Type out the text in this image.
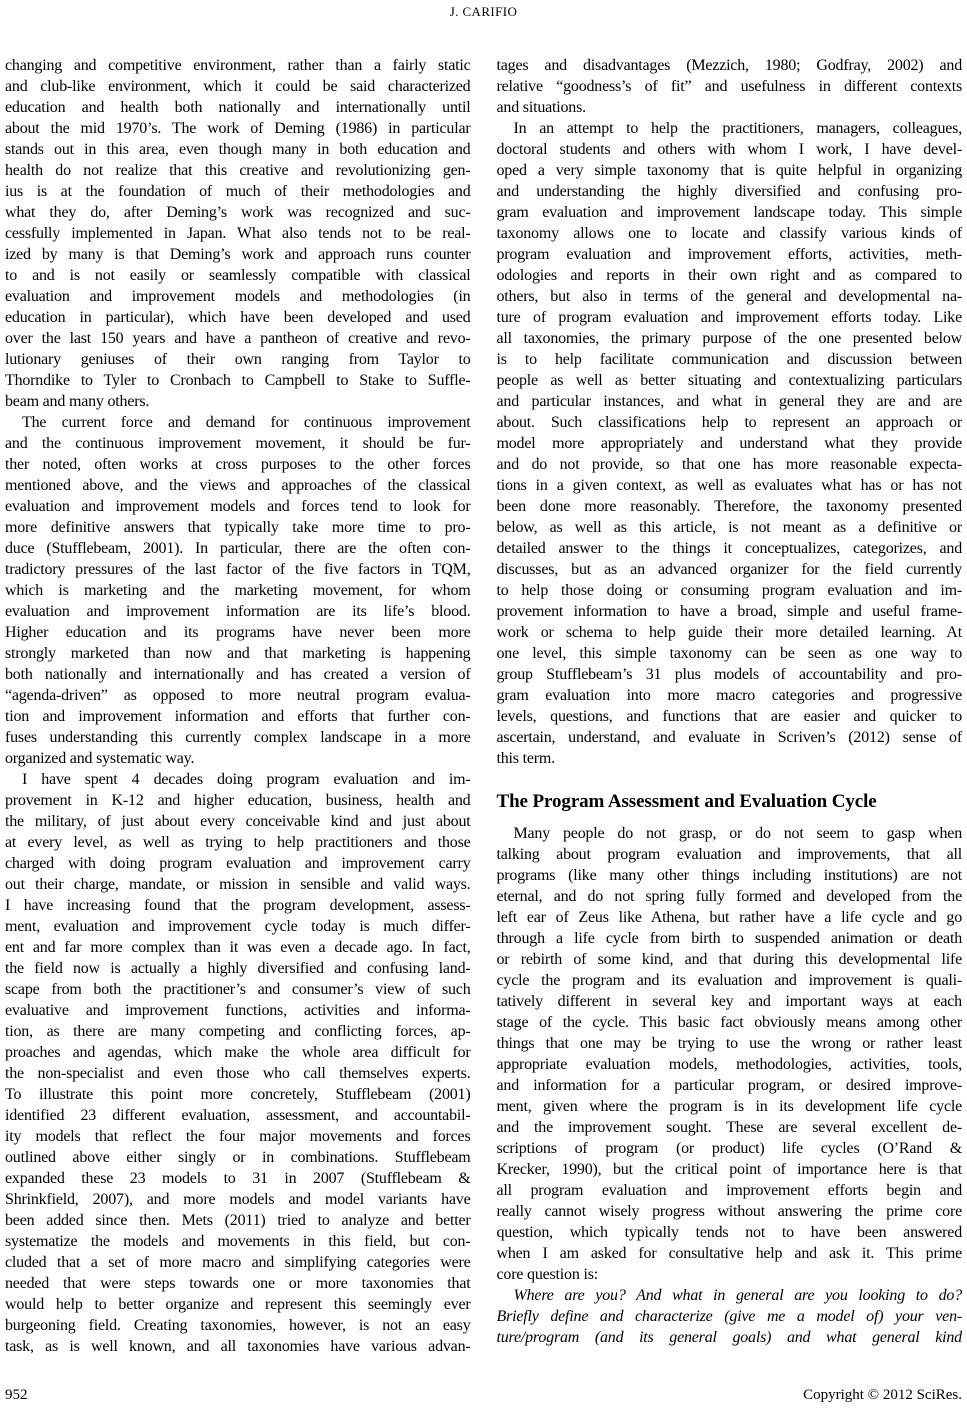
J. CARIFIO
changing and competitive environment, rather than a fairly static
and club-like environment, which it could be said characterized
education and health both nationally and internationally until
about the mid 1970’s. The work of Deming (1986) in particular
stands out in this area, even though many in both education and
health do not realize that this creative and revolutionizing gen-
ius is at the foundation of much of their methodologies and
what they do, after Deming’s work was recognized and suc-
cessfully implemented in Japan. What also tends not to be real-
ized by many is that Deming’s work and approach runs counter
to and is not easily or seamlessly compatible with classical
evaluation and improvement models and methodologies (in
education in particular), which have been developed and used
over the last 150 years and have a pantheon of creative and revo-
lutionary geniuses of their own ranging from Taylor to
Thorndike to Tyler to Cronbach to Campbell to Stake to Suffle-
beam and many others.
The current force and demand for continuous improvement
and the continuous improvement movement, it should be fur-
ther noted, often works at cross purposes to the other forces
mentioned above, and the views and approaches of the classical
evaluation and improvement models and forces tend to look for
more definitive answers that typically take more time to pro-
duce (Stufflebeam, 2001). In particular, there are the often con-
tradictory pressures of the last factor of the five factors in TQM,
which is marketing and the marketing movement, for whom
evaluation and improvement information are its life’s blood.
Higher education and its programs have never been more
strongly marketed than now and that marketing is happening
both nationally and internationally and has created a version of
“agenda-driven” as opposed to more neutral program evalua-
tion and improvement information and efforts that further con-
fuses understanding this currently complex landscape in a more
organized and systematic way.
I have spent 4 decades doing program evaluation and im-
provement in K-12 and higher education, business, health and
the military, of just about every conceivable kind and just about
at every level, as well as trying to help practitioners and those
charged with doing program evaluation and improvement carry
out their charge, mandate, or mission in sensible and valid ways.
I have increasing found that the program development, assess-
ment, evaluation and improvement cycle today is much differ-
ent and far more complex than it was even a decade ago. In fact,
the field now is actually a highly diversified and confusing land-
scape from both the practitioner’s and consumer’s view of such
evaluative and improvement functions, activities and informa-
tion, as there are many competing and conflicting forces, ap-
proaches and agendas, which make the whole area difficult for
the non-specialist and even those who call themselves experts.
To illustrate this point more concretely, Stufflebeam (2001)
identified 23 different evaluation, assessment, and accountabil-
ity models that reflect the four major movements and forces
outlined above either singly or in combinations. Stufflebeam
expanded these 23 models to 31 in 2007 (Stufflebeam &
Shrinkfield, 2007), and more models and model variants have
been added since then. Mets (2011) tried to analyze and better
systematize the models and movements in this field, but con-
cluded that a set of more macro and simplifying categories were
needed that were steps towards one or more taxonomies that
would help to better organize and represent this seemingly ever
burgeoning field. Creating taxonomies, however, is not an easy
task, as is well known, and all taxonomies have various advan-
tages and disadvantages (Mezzich, 1980; Godfray, 2002) and
relative “goodness’s of fit” and usefulness in different contexts
and situations.
In an attempt to help the practitioners, managers, colleagues,
doctoral students and others with whom I work, I have devel-
oped a very simple taxonomy that is quite helpful in organizing
and understanding the highly diversified and confusing pro-
gram evaluation and improvement landscape today. This simple
taxonomy allows one to locate and classify various kinds of
program evaluation and improvement efforts, activities, meth-
odologies and reports in their own right and as compared to
others, but also in terms of the general and developmental na-
ture of program evaluation and improvement efforts today. Like
all taxonomies, the primary purpose of the one presented below
is to help facilitate communication and discussion between
people as well as better situating and contextualizing particulars
and particular instances, and what in general they are and are
about. Such classifications help to represent an approach or
model more appropriately and understand what they provide
and do not provide, so that one has more reasonable expecta-
tions in a given context, as well as evaluates what has or has not
been done more reasonably. Therefore, the taxonomy presented
below, as well as this article, is not meant as a definitive or
detailed answer to the things it conceptualizes, categorizes, and
discusses, but as an advanced organizer for the field currently
to help those doing or consuming program evaluation and im-
provement information to have a broad, simple and useful frame-
work or schema to help guide their more detailed learning. At
one level, this simple taxonomy can be seen as one way to
group Stufflebeam’s 31 plus models of accountability and pro-
gram evaluation into more macro categories and progressive
levels, questions, and functions that are easier and quicker to
ascertain, understand, and evaluate in Scriven’s (2012) sense of
this term.
The Program Assessment and Evaluation Cycle
Many people do not grasp, or do not seem to gasp when
talking about program evaluation and improvements, that all
programs (like many other things including institutions) are not
eternal, and do not spring fully formed and developed from the
left ear of Zeus like Athena, but rather have a life cycle and go
through a life cycle from birth to suspended animation or death
or rebirth of some kind, and that during this developmental life
cycle the program and its evaluation and improvement is quali-
tatively different in several key and important ways at each
stage of the cycle. This basic fact obviously means among other
things that one may be trying to use the wrong or rather least
appropriate evaluation models, methodologies, activities, tools,
and information for a particular program, or desired improve-
ment, given where the program is in its development life cycle
and the improvement sought. These are several excellent de-
scriptions of program (or product) life cycles (O’Rand &
Krecker, 1990), but the critical point of importance here is that
all program evaluation and improvement efforts begin and
really cannot wisely progress without answering the prime core
question, which typically tends not to have been answered
when I am asked for consultative help and ask it. This prime
core question is:
Where are you? And what in general are you looking to do?
Briefly define and characterize (give me a model of) your ven-
ture/program (and its general goals) and what general kind
952	Copyright © 2012 SciRes.
